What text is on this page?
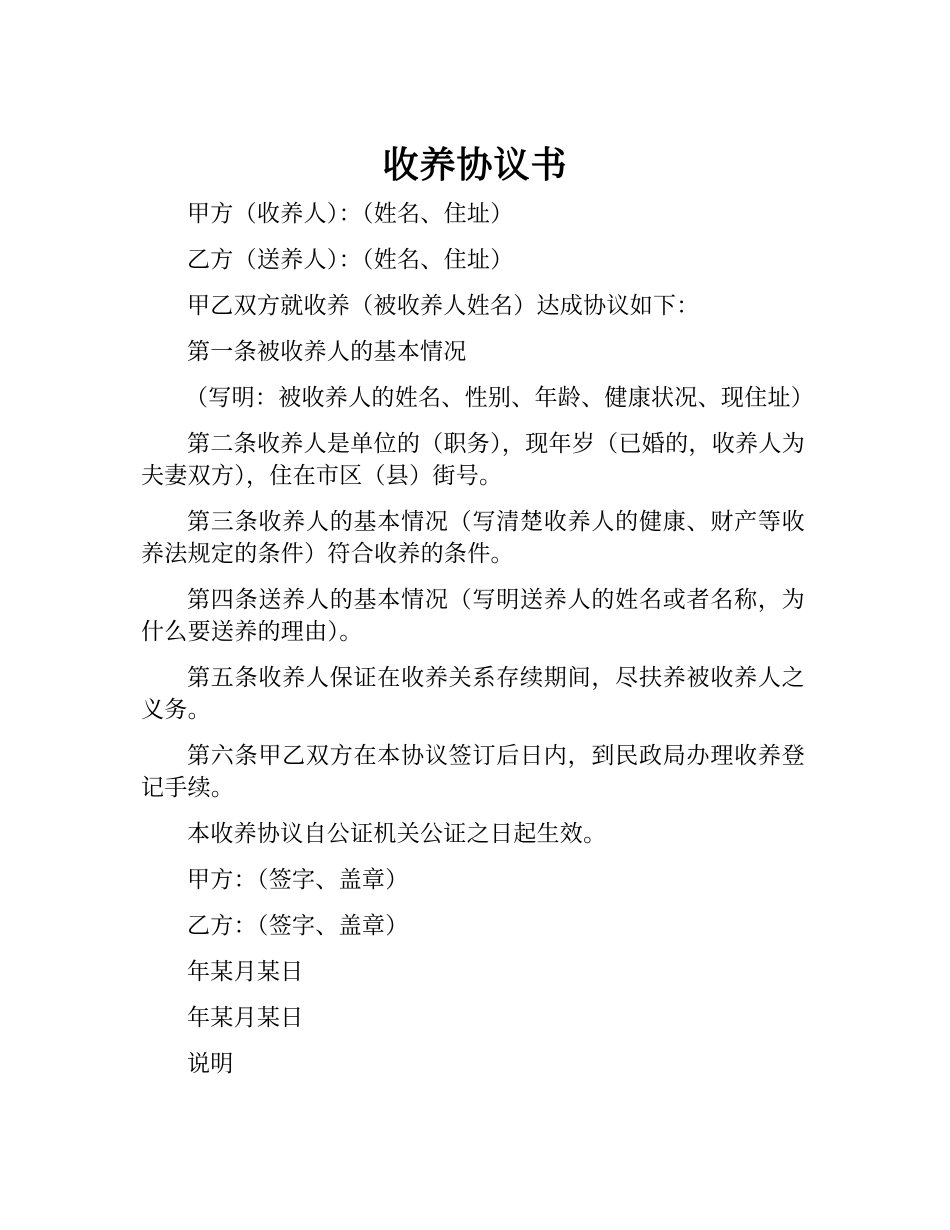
收养协议书

甲方（收养人）：（姓名、住址）

乙方（送养人）：（姓名、住址）

甲乙双方就收养（被收养人姓名）达成协议如下：

第一条被收养人的基本情况

（写明：被收养人的姓名、性别、年龄、健康状况、现住址）

第二条收养人是单位的（职务），现年岁（已婚的，收养人为夫妻双方），住在市区（县）街号。

第三条收养人的基本情况（写清楚收养人的健康、财产等收养法规定的条件）符合收养的条件。

第四条送养人的基本情况（写明送养人的姓名或者名称，为什么要送养的理由）。

第五条收养人保证在收养关系存续期间，尽扶养被收养人之义务。

第六条甲乙双方在本协议签订后日内，到民政局办理收养登记手续。

本收养协议自公证机关公证之日起生效。

甲方：（签字、盖章）

乙方：（签字、盖章）

年某月某日

年某月某日

说明
